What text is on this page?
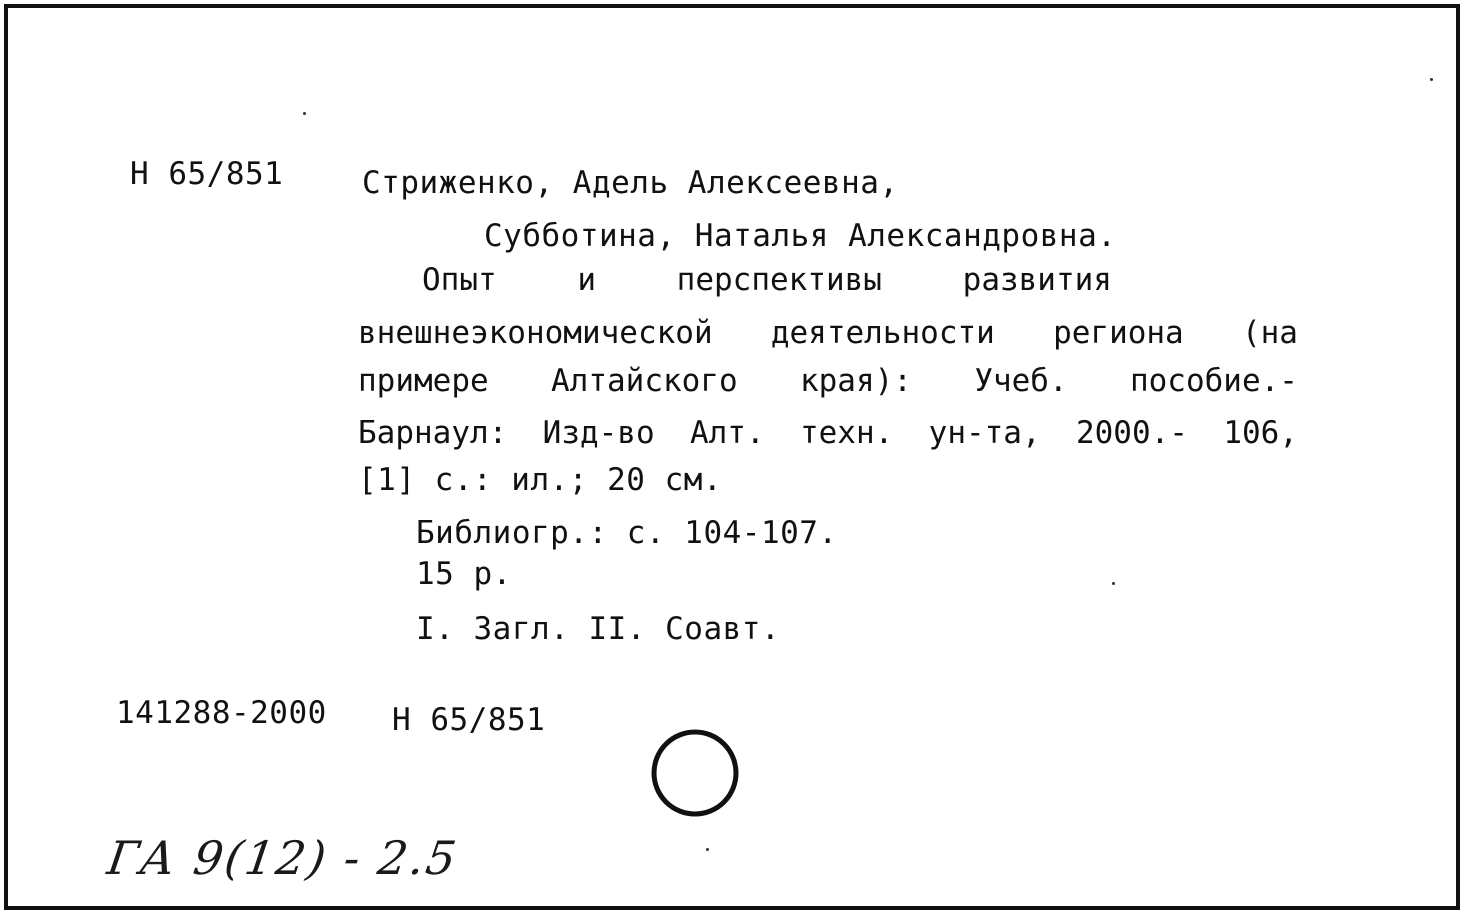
Н 65/851	Стриженко, Адель Алексеевна,
Субботина, Наталья Александровна.
Опыт	и	перспективы	развития
внешнеэкономической деятельности региона (на
примере Алтайского края): Учеб. пособие.-
Барнаул: Изд-во Алт. техн. ун-та, 2000.- 106,
[1] с.: ил.; 20 см.
Библиогр.: с. 104-107.
15 р.
I. Загл. II. Соавт.
141288-2000 Н 65/851
ГА 9(12) - 2.5
